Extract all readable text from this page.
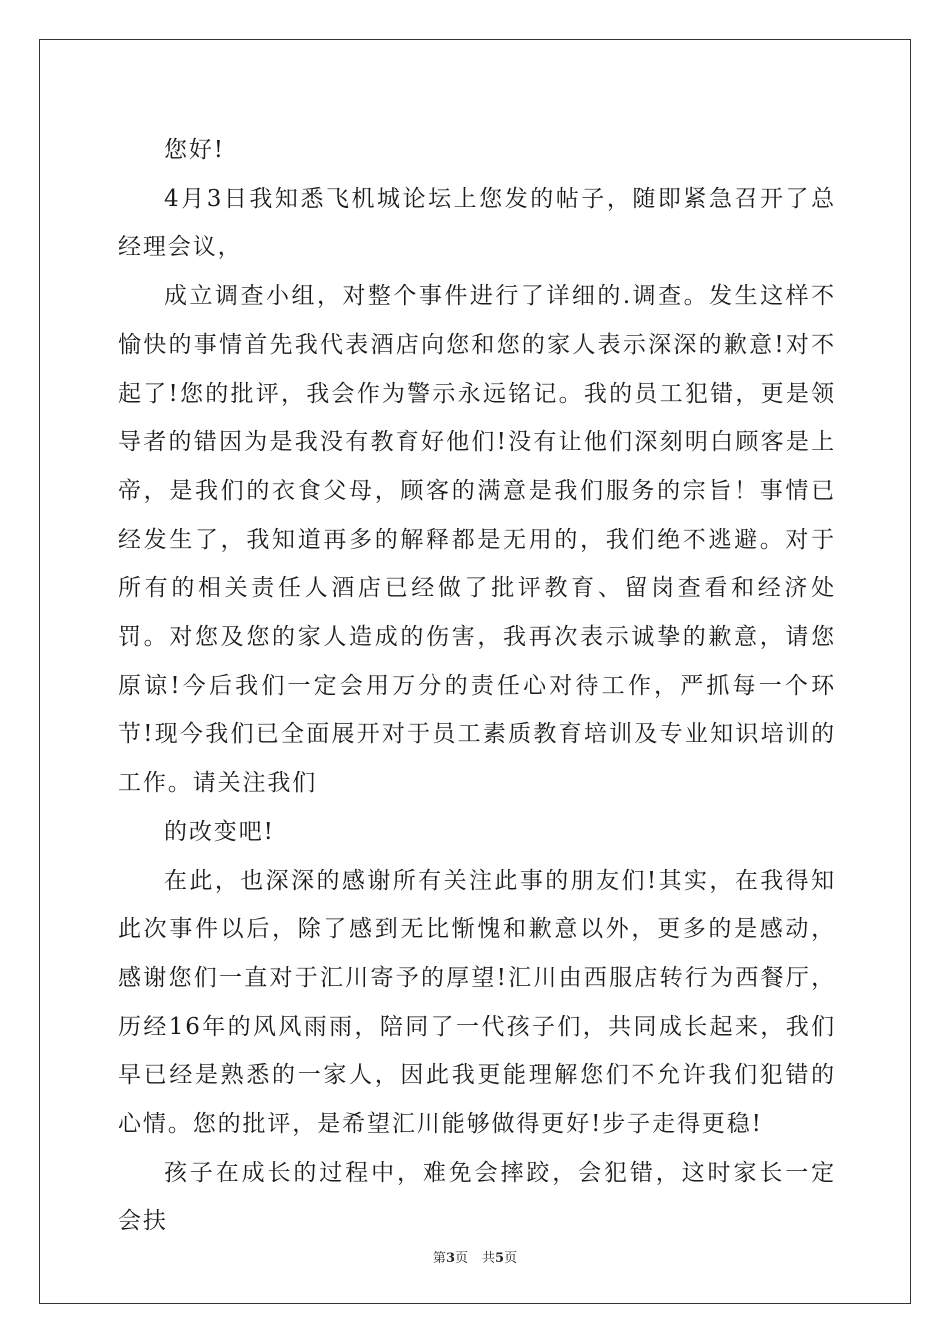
您好!

4月3日我知悉飞机城论坛上您发的帖子，随即紧急召开了总经理会议，

成立调查小组，对整个事件进行了详细的.调查。发生这样不愉快的事情首先我代表酒店向您和您的家人表示深深的歉意!对不起了!您的批评，我会作为警示永远铭记。我的员工犯错，更是领导者的错因为是我没有教育好他们!没有让他们深刻明白顾客是上帝，是我们的衣食父母，顾客的满意是我们服务的宗旨！事情已经发生了，我知道再多的解释都是无用的，我们绝不逃避。对于所有的相关责任人酒店已经做了批评教育、留岗查看和经济处罚。对您及您的家人造成的伤害，我再次表示诚挚的歉意，请您原谅!今后我们一定会用万分的责任心对待工作，严抓每一个环节!现今我们已全面展开对于员工素质教育培训及专业知识培训的工作。请关注我们

的改变吧!

在此，也深深的感谢所有关注此事的朋友们!其实，在我得知此次事件以后，除了感到无比惭愧和歉意以外，更多的是感动，感谢您们一直对于汇川寄予的厚望!汇川由西服店转行为西餐厅，历经16年的风风雨雨，陪同了一代孩子们，共同成长起来，我们早已经是熟悉的一家人，因此我更能理解您们不允许我们犯错的心情。您的批评，是希望汇川能够做得更好!步子走得更稳!

孩子在成长的过程中，难免会摔跤，会犯错，这时家长一定会扶

第3页 共5页
